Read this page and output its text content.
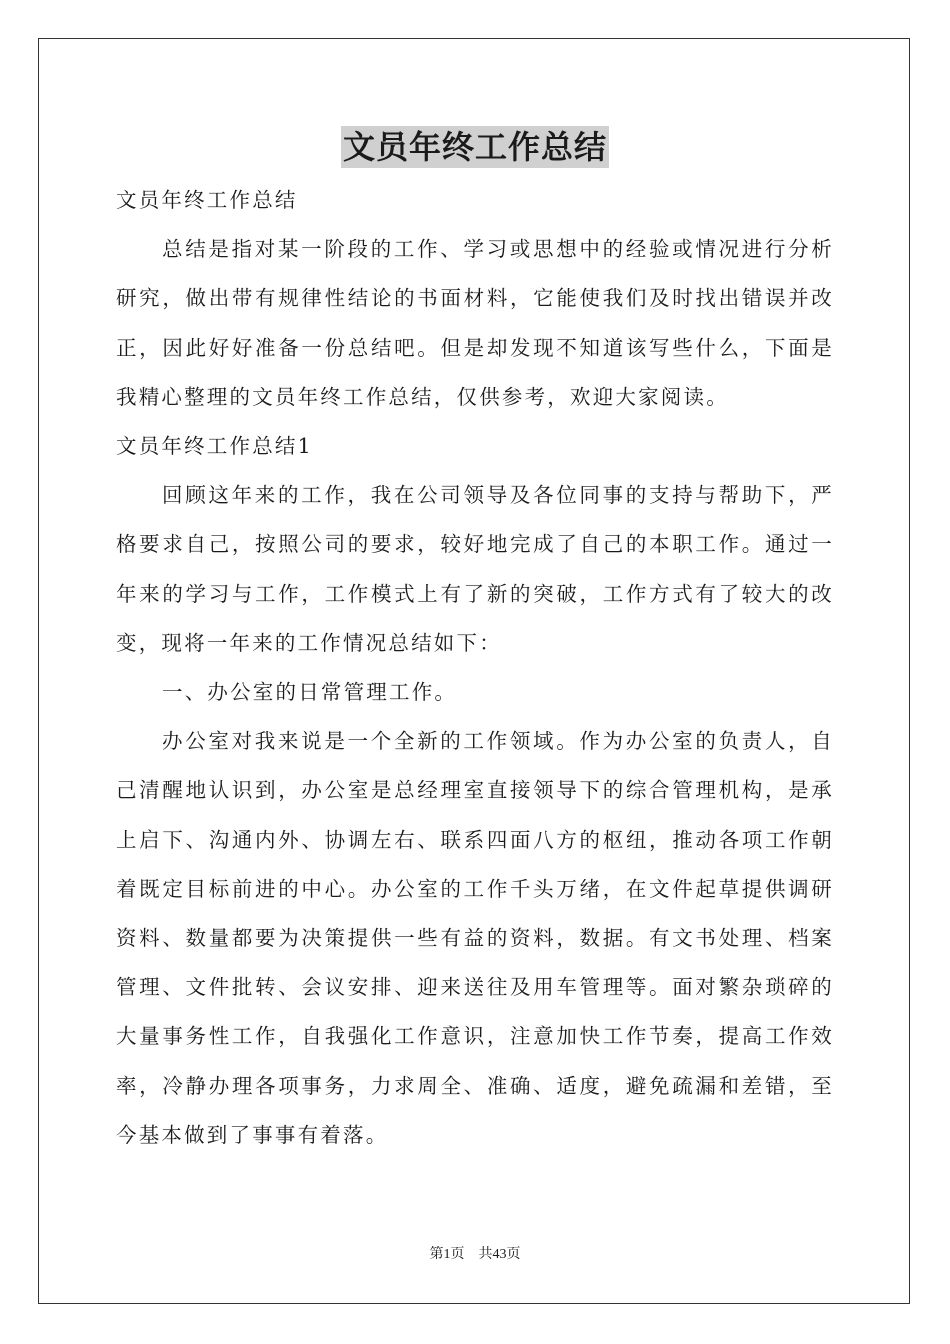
文员年终工作总结

文员年终工作总结

总结是指对某一阶段的工作、学习或思想中的经验或情况进行分析研究，做出带有规律性结论的书面材料，它能使我们及时找出错误并改正，因此好好准备一份总结吧。但是却发现不知道该写些什么，下面是我精心整理的文员年终工作总结，仅供参考，欢迎大家阅读。

文员年终工作总结1

回顾这年来的工作，我在公司领导及各位同事的支持与帮助下，严格要求自己，按照公司的要求，较好地完成了自己的本职工作。通过一年来的学习与工作，工作模式上有了新的突破，工作方式有了较大的改变，现将一年来的工作情况总结如下：

一、办公室的日常管理工作。

办公室对我来说是一个全新的工作领域。作为办公室的负责人，自己清醒地认识到，办公室是总经理室直接领导下的综合管理机构，是承上启下、沟通内外、协调左右、联系四面八方的枢纽，推动各项工作朝着既定目标前进的中心。办公室的工作千头万绪，在文件起草提供调研资料、数量都要为决策提供一些有益的资料，数据。有文书处理、档案管理、文件批转、会议安排、迎来送往及用车管理等。面对繁杂琐碎的大量事务性工作，自我强化工作意识，注意加快工作节奏，提高工作效率，冷静办理各项事务，力求周全、准确、适度，避免疏漏和差错，至今基本做到了事事有着落。

第1页 共43页
